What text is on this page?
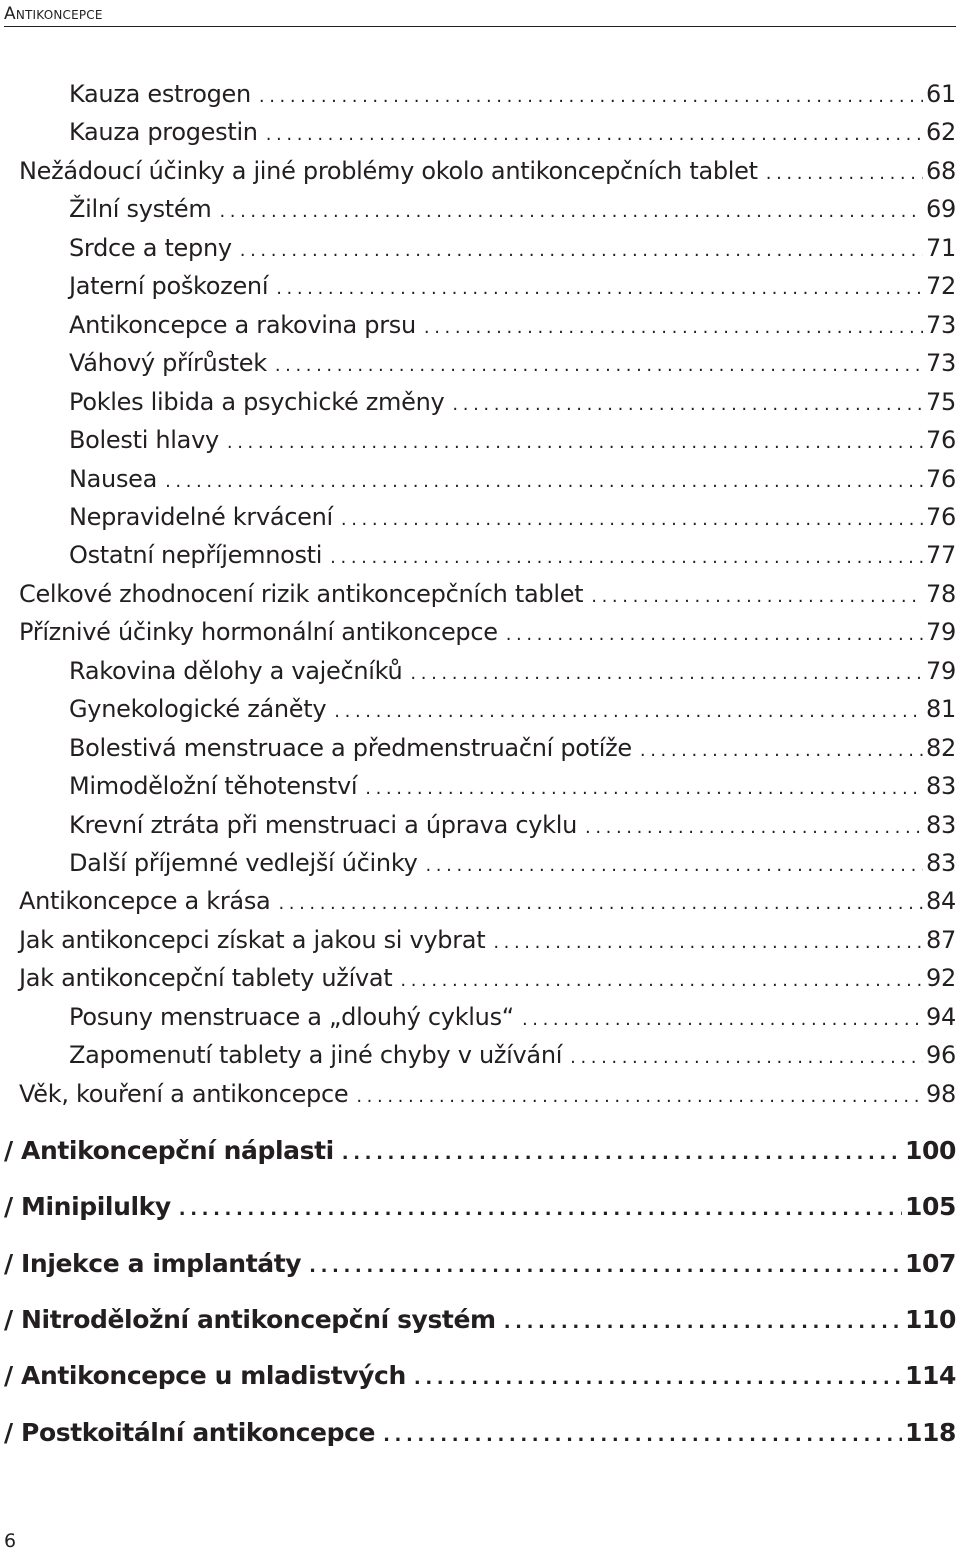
Antikoncepce
Kauza estrogen .....	61
Kauza progestin .....	62
Nežádoucí účinky a jiné problémy okolo antikoncepčních tablet .....	68
Žilní systém .....	69
Srdce a tepny .....	71
Jaterní poškození .....	72
Antikoncepce a rakovina prsu .....	73
Váhový přírůstek .....	73
Pokles libida a psychické změny .....	75
Bolesti hlavy .....	76
Nausea .....	76
Nepravidelné krvácení .....	76
Ostatní nepříjemnosti .....	77
Celkové zhodnocení rizik antikoncepčních tablet .....	78
Příznivé účinky hormonální antikoncepce .....	79
Rakovina dělohy a vaječníků .....	79
Gynekologické záněty .....	81
Bolestivá menstruace a předmenstruační potíže .....	82
Mimoděložní těhotenství .....	83
Krevní ztráta při menstruaci a úprava cyklu .....	83
Další příjemné vedlejší účinky .....	83
Antikoncepce a krása .....	84
Jak antikoncepci získat a jakou si vybrat .....	87
Jak antikoncepční tablety užívat .....	92
Posuny menstruace a „dlouhý cyklus“ .....	94
Zapomenutí tablety a jiné chyby v užívání .....	96
Věk, kouření a antikoncepce .....	98
/ Antikoncepční náplasti .....	100
/ Minipilulky .....	105
/ Injekce a implantáty .....	107
/ Nitroděložní antikoncepční systém .....	110
/ Antikoncepce u mladistvých .....	114
/ Postkoitální antikoncepce .....	118
6
